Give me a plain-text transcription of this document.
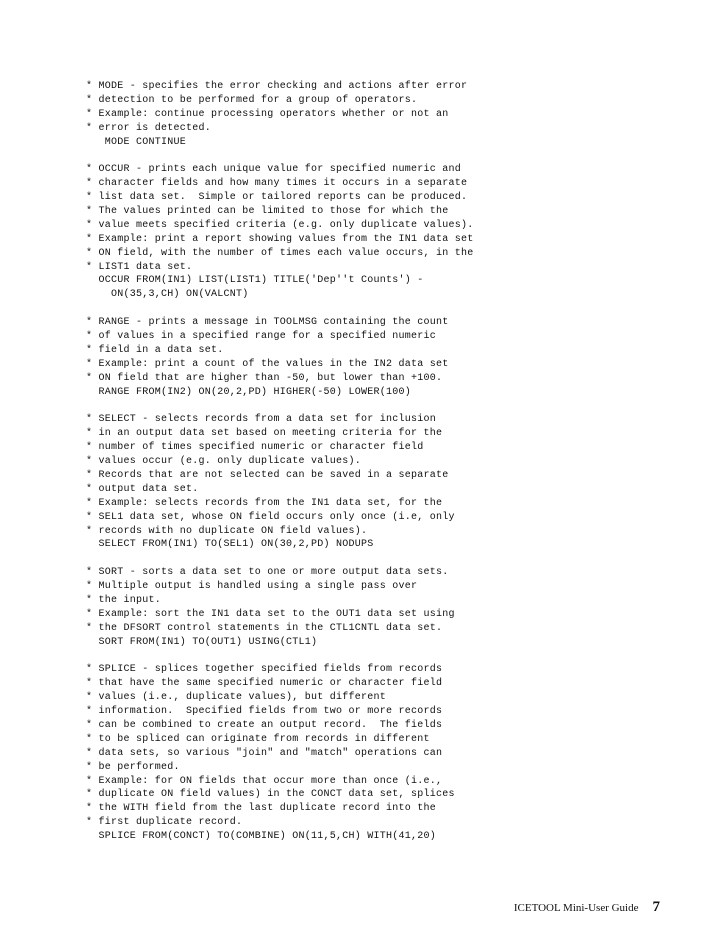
* MODE - specifies the error checking and actions after error
* detection to be performed for a group of operators.
* Example: continue processing operators whether or not an
* error is detected.
MODE CONTINUE
* OCCUR - prints each unique value for specified numeric and
* character fields and how many times it occurs in a separate
* list data set.  Simple or tailored reports can be produced.
* The values printed can be limited to those for which the
* value meets specified criteria (e.g. only duplicate values).
* Example: print a report showing values from the IN1 data set
* ON field, with the number of times each value occurs, in the
* LIST1 data set.
OCCUR FROM(IN1) LIST(LIST1) TITLE('Dep''t Counts') -
ON(35,3,CH) ON(VALCNT)
* RANGE - prints a message in TOOLMSG containing the count
* of values in a specified range for a specified numeric
* field in a data set.
* Example: print a count of the values in the IN2 data set
* ON field that are higher than -50, but lower than +100.
RANGE FROM(IN2) ON(20,2,PD) HIGHER(-50) LOWER(100)
* SELECT - selects records from a data set for inclusion
* in an output data set based on meeting criteria for the
* number of times specified numeric or character field
* values occur (e.g. only duplicate values).
* Records that are not selected can be saved in a separate
* output data set.
* Example: selects records from the IN1 data set, for the
* SEL1 data set, whose ON field occurs only once (i.e, only
* records with no duplicate ON field values).
SELECT FROM(IN1) TO(SEL1) ON(30,2,PD) NODUPS
* SORT - sorts a data set to one or more output data sets.
* Multiple output is handled using a single pass over
* the input.
* Example: sort the IN1 data set to the OUT1 data set using
* the DFSORT control statements in the CTL1CNTL data set.
SORT FROM(IN1) TO(OUT1) USING(CTL1)
* SPLICE - splices together specified fields from records
* that have the same specified numeric or character field
* values (i.e., duplicate values), but different
* information.  Specified fields from two or more records
* can be combined to create an output record.  The fields
* to be spliced can originate from records in different
* data sets, so various "join" and "match" operations can
* be performed.
* Example: for ON fields that occur more than once (i.e.,
* duplicate ON field values) in the CONCT data set, splices
* the WITH field from the last duplicate record into the
* first duplicate record.
SPLICE FROM(CONCT) TO(COMBINE) ON(11,5,CH) WITH(41,20)
ICETOOL Mini-User Guide 7
